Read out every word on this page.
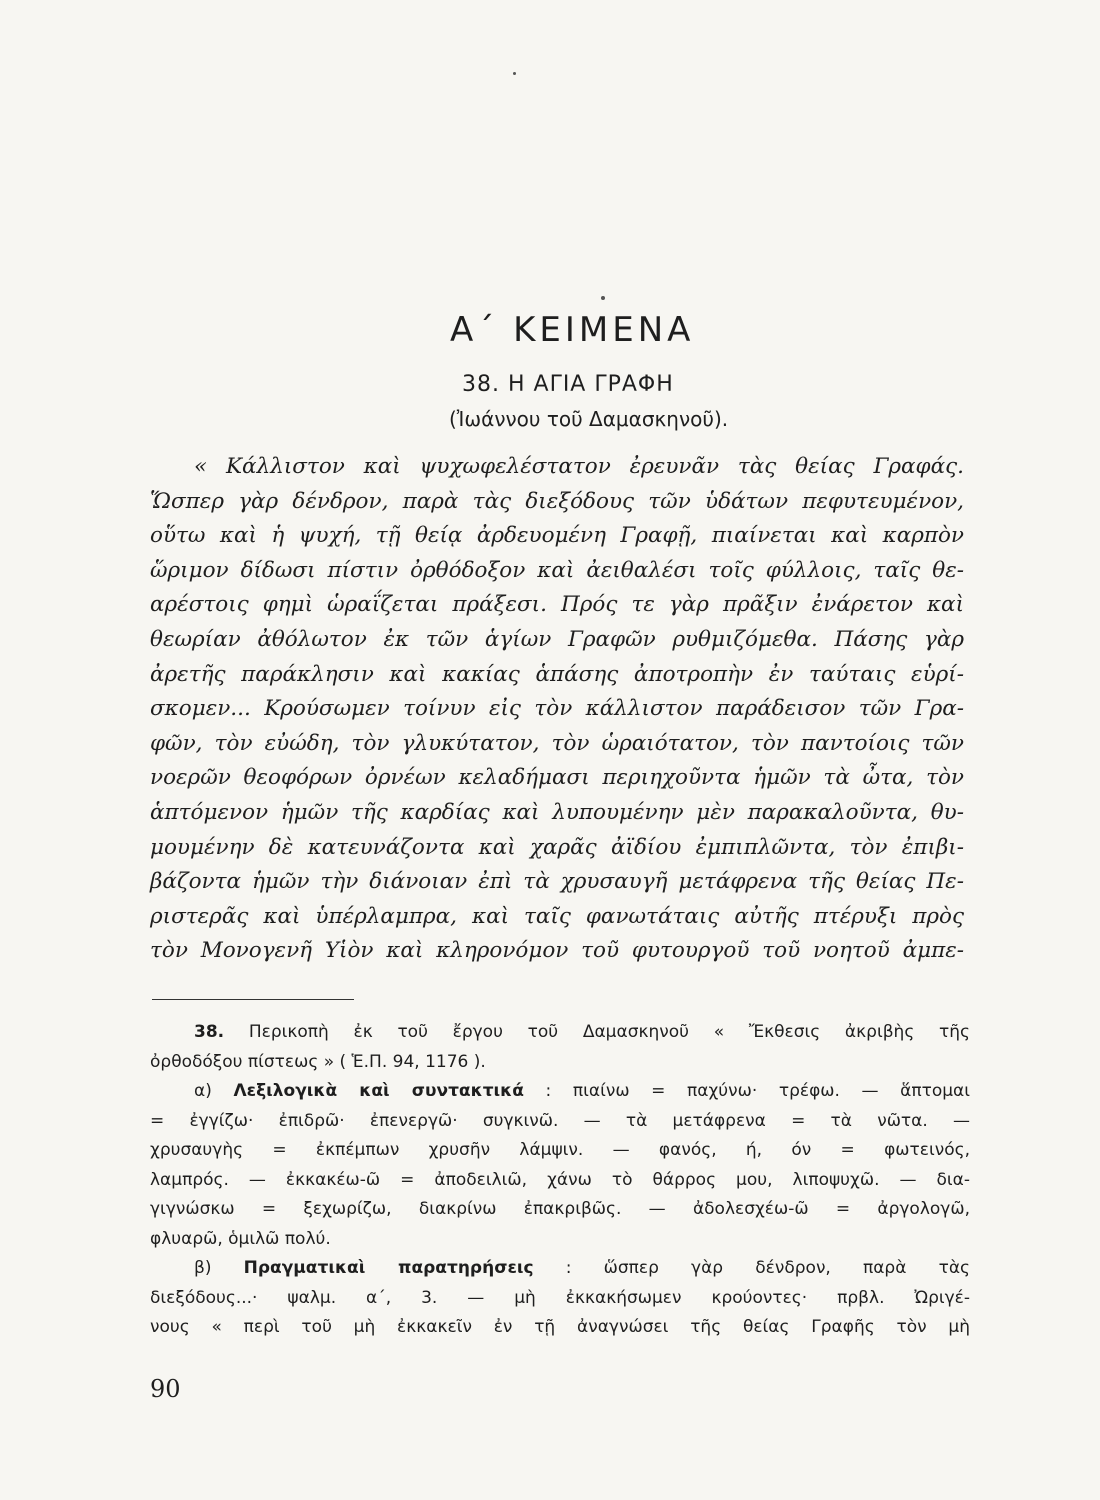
Α΄ ΚΕΙΜΕΝΑ
38. Η ΑΓΙΑ ΓΡΑΦΗ
(Ἰωάννου τοῦ Δαμασκηνοῦ).
« Κάλλιστον καὶ ψυχωφελέστατον ἐρευνᾶν τὰς θείας Γραφάς.
Ὥσπερ γὰρ δένδρον, παρὰ τὰς διεξόδους τῶν ὑδάτων πεφυτευμένον,
οὕτω καὶ ἡ ψυχή, τῇ θείᾳ ἀρδευομένη Γραφῇ, πιαίνεται καὶ καρπὸν
ὥριμον δίδωσι πίστιν ὀρθόδοξον καὶ ἀειθαλέσι τοῖς φύλλοις, ταῖς θε-
αρέστοις φημὶ ὡραΐζεται πράξεσι. Πρός τε γὰρ πρᾶξιν ἐνάρετον καὶ
θεωρίαν ἀθόλωτον ἐκ τῶν ἁγίων Γραφῶν ρυθμιζόμεθα. Πάσης γὰρ
ἀρετῆς παράκλησιν καὶ κακίας ἁπάσης ἀποτροπὴν ἐν ταύταις εὑρί-
σκομεν... Κρούσωμεν τοίνυν εἰς τὸν κάλλιστον παράδεισον τῶν Γρα-
φῶν, τὸν εὐώδη, τὸν γλυκύτατον, τὸν ὡραιότατον, τὸν παντοίοις τῶν
νοερῶν θεοφόρων ὀρνέων κελαδήμασι περιηχοῦντα ἡμῶν τὰ ὦτα, τὸν
ἁπτόμενον ἡμῶν τῆς καρδίας καὶ λυπουμένην μὲν παρακαλοῦντα, θυ-
μουμένην δὲ κατευνάζοντα καὶ χαρᾶς ἀϊδίου ἐμπιπλῶντα, τὸν ἐπιβι-
βάζοντα ἡμῶν τὴν διάνοιαν ἐπὶ τὰ χρυσαυγῆ μετάφρενα τῆς θείας Πε-
ριστερᾶς καὶ ὑπέρλαμπρα, καὶ ταῖς φανωτάταις αὐτῆς πτέρυξι πρὸς
τὸν Μονογενῆ Υἱὸν καὶ κληρονόμον τοῦ φυτουργοῦ τοῦ νοητοῦ ἀμπε-
38. Περικοπὴ ἐκ τοῦ ἔργου τοῦ Δαμασκηνοῦ « Ἔκθεσις ἀκριβὴς τῆς
ὀρθοδόξου πίστεως » ( Ἑ.Π. 94, 1176 ).
α) Λεξιλογικὰ καὶ συντακτικά : πιαίνω = παχύνω· τρέφω. — ἅπτομαι
= ἐγγίζω· ἐπιδρῶ· ἐπενεργῶ· συγκινῶ. — τὰ μετάφρενα = τὰ νῶτα. —
χρυσαυγὴς = ἐκπέμπων χρυσῆν λάμψιν. — φανός, ή, όν = φωτεινός,
λαμπρός. — ἐκκακέω-ῶ = ἀποδειλιῶ, χάνω τὸ θάρρος μου, λιποψυχῶ. — δια-
γιγνώσκω = ξεχωρίζω, διακρίνω ἐπακριβῶς. — ἀδολεσχέω-ῶ = ἀργολογῶ,
φλυαρῶ, ὁμιλῶ πολύ.
β) Πραγματικαὶ παρατηρήσεις : ὥσπερ γὰρ δένδρον, παρὰ τὰς
διεξόδους...· ψαλμ. α΄, 3. — μὴ ἐκκακήσωμεν κρούοντες· πρβλ. Ὠριγέ-
νους « περὶ τοῦ μὴ ἐκκακεῖν ἐν τῇ ἀναγνώσει τῆς θείας Γραφῆς τὸν μὴ
90
